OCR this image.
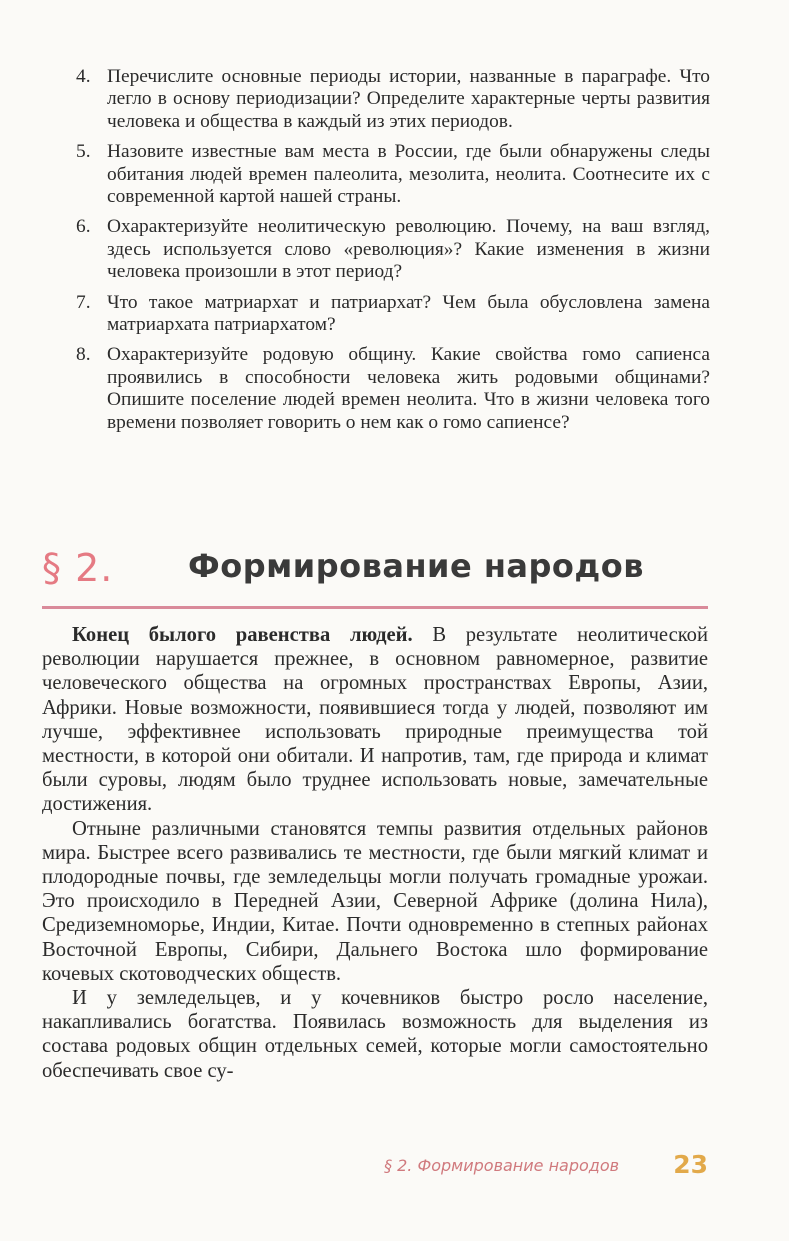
4. Перечислите основные периоды истории, названные в параграфе. Что легло в основу периодизации? Определите характерные черты развития человека и общества в каждый из этих периодов.
5. Назовите известные вам места в России, где были обнаружены следы обитания людей времен палеолита, мезолита, неолита. Соотнесите их с современной картой нашей страны.
6. Охарактеризуйте неолитическую революцию. Почему, на ваш взгляд, здесь используется слово «революция»? Какие изменения в жизни человека произошли в этот период?
7. Что такое матриархат и патриархат? Чем была обусловлена замена матриархата патриархатом?
8. Охарактеризуйте родовую общину. Какие свойства гомо сапиенса проявились в способности человека жить родовыми общинами? Опишите поселение людей времен неолита. Что в жизни человека того времени позволяет говорить о нем как о гомо сапиенсе?
§ 2. Формирование народов

Конец былого равенства людей. В результате неолитической революции нарушается прежнее, в основном равномерное, развитие человеческого общества на огромных пространствах Европы, Азии, Африки. Новые возможности, появившиеся тогда у людей, позволяют им лучше, эффективнее использовать природные преимущества той местности, в которой они обитали. И напротив, там, где природа и климат были суровы, людям было труднее использовать новые, замечательные достижения.

Отныне различными становятся темпы развития отдельных районов мира. Быстрее всего развивались те местности, где были мягкий климат и плодородные почвы, где земледельцы могли получать громадные урожаи. Это происходило в Передней Азии, Северной Африке (долина Нила), Средиземноморье, Индии, Китае. Почти одновременно в степных районах Восточной Европы, Сибири, Дальнего Востока шло формирование кочевых скотоводческих обществ.

И у земледельцев, и у кочевников быстро росло население, накапливались богатства. Появилась возможность для выделения из состава родовых общин отдельных семей, которые могли самостоятельно обеспечивать свое су-

§ 2. Формирование народов 23
